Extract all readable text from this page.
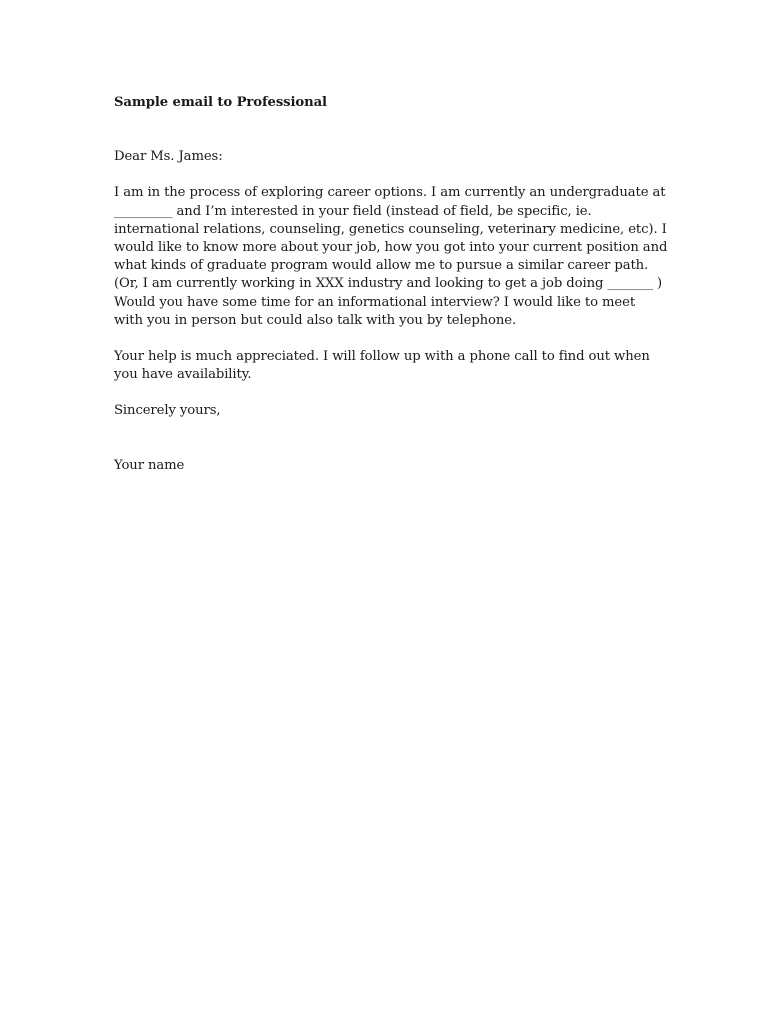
Sample email to Professional
Dear Ms. James:
I am in the process of exploring career options. I am currently an undergraduate at
_________ and I’m interested in your field (instead of field, be specific, ie.
international relations, counseling, genetics counseling, veterinary medicine, etc). I
would like to know more about your job, how you got into your current position and
what kinds of graduate program would allow me to pursue a similar career path.
(Or, I am currently working in XXX industry and looking to get a job doing _______ )
Would you have some time for an informational interview? I would like to meet
with you in person but could also talk with you by telephone.
Your help is much appreciated. I will follow up with a phone call to find out when
you have availability.
Sincerely yours,
Your name
